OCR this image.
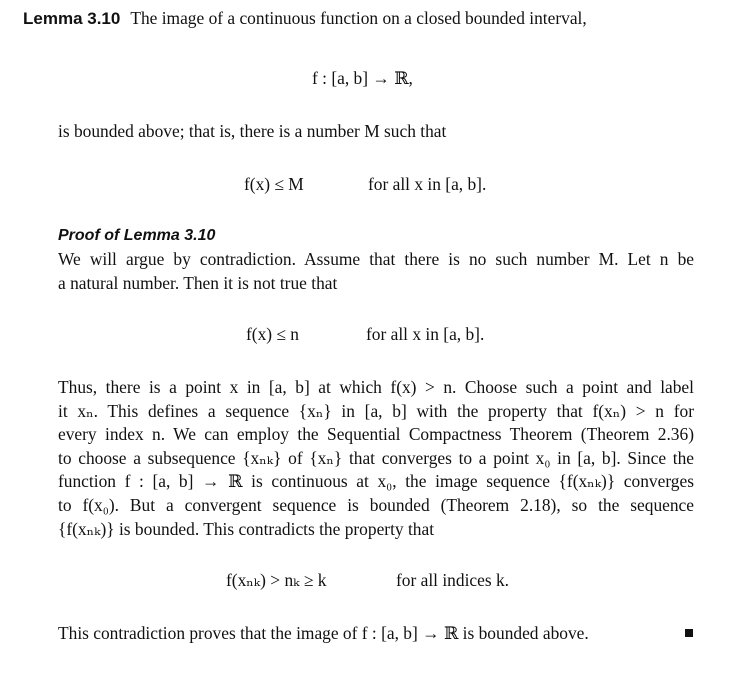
Lemma 3.10 The image of a continuous function on a closed bounded interval,
f : [a, b] → ℝ,
is bounded above; that is, there is a number M such that
f(x) ≤ M	for all x in [a, b].
Proof of Lemma 3.10
We will argue by contradiction. Assume that there is no such number M. Let n be
a natural number. Then it is not true that
f(x) ≤ n	for all x in [a, b].
Thus, there is a point x in [a, b] at which f(x) > n. Choose such a point and label
it xₙ. This defines a sequence {xₙ} in [a, b] with the property that f(xₙ) > n for
every index n. We can employ the Sequential Compactness Theorem (Theorem 2.36)
to choose a subsequence {xₙₖ} of {xₙ} that converges to a point x₀ in [a, b]. Since the
function f : [a, b] → ℝ is continuous at x₀, the image sequence {f(xₙₖ)} converges
to f(x₀). But a convergent sequence is bounded (Theorem 2.18), so the sequence
{f(xₙₖ)} is bounded. This contradicts the property that
f(xₙₖ) > nₖ ≥ k	for all indices k.
This contradiction proves that the image of f : [a, b] → ℝ is bounded above.
